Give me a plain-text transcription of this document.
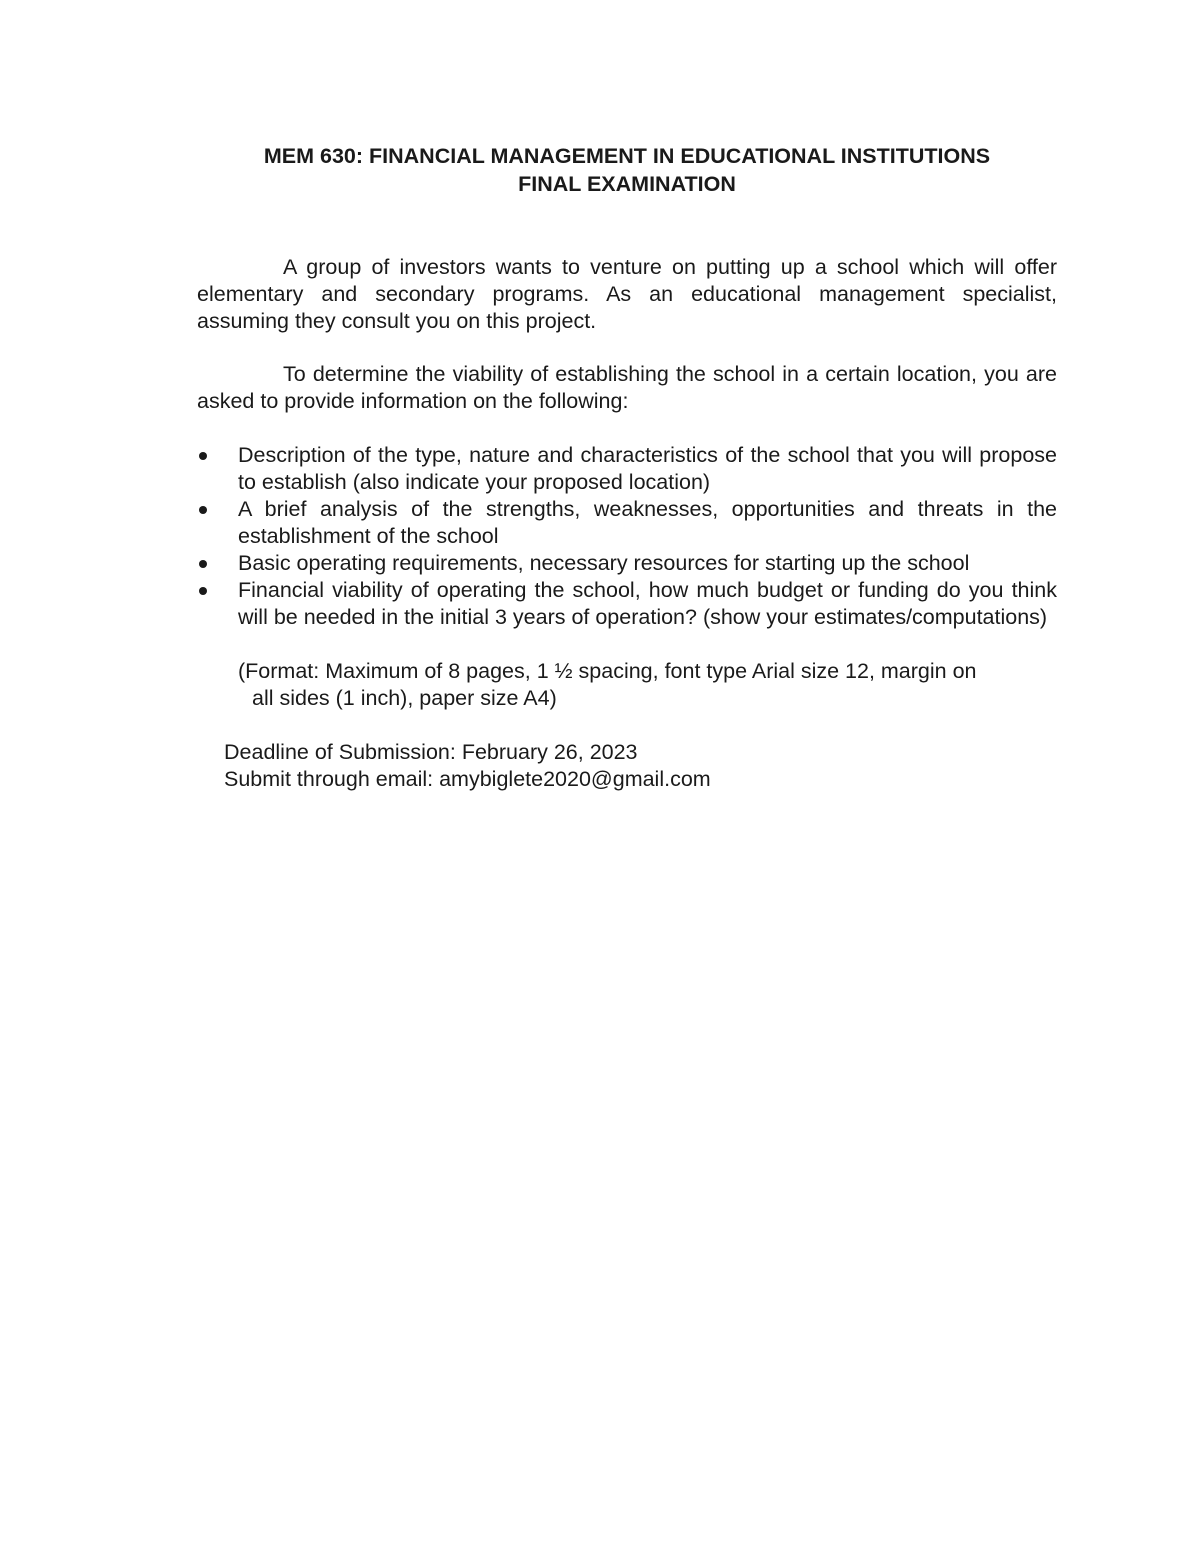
MEM 630: FINANCIAL MANAGEMENT IN EDUCATIONAL INSTITUTIONS
FINAL EXAMINATION

A group of investors wants to venture on putting up a school which will offer elementary and secondary programs. As an educational management specialist, assuming they consult you on this project.

To determine the viability of establishing the school in a certain location, you are asked to provide information on the following:

Description of the type, nature and characteristics of the school that you will propose to establish (also indicate your proposed location)
A brief analysis of the strengths, weaknesses, opportunities and threats in the establishment of the school
Basic operating requirements, necessary resources for starting up the school
Financial viability of operating the school, how much budget or funding do you think will be needed in the initial 3 years of operation? (show your estimates/computations)

(Format: Maximum of 8 pages, 1 ½ spacing, font type Arial size 12, margin on
all sides (1 inch), paper size A4)

Deadline of Submission: February 26, 2023
Submit through email: amybiglete2020@gmail.com
